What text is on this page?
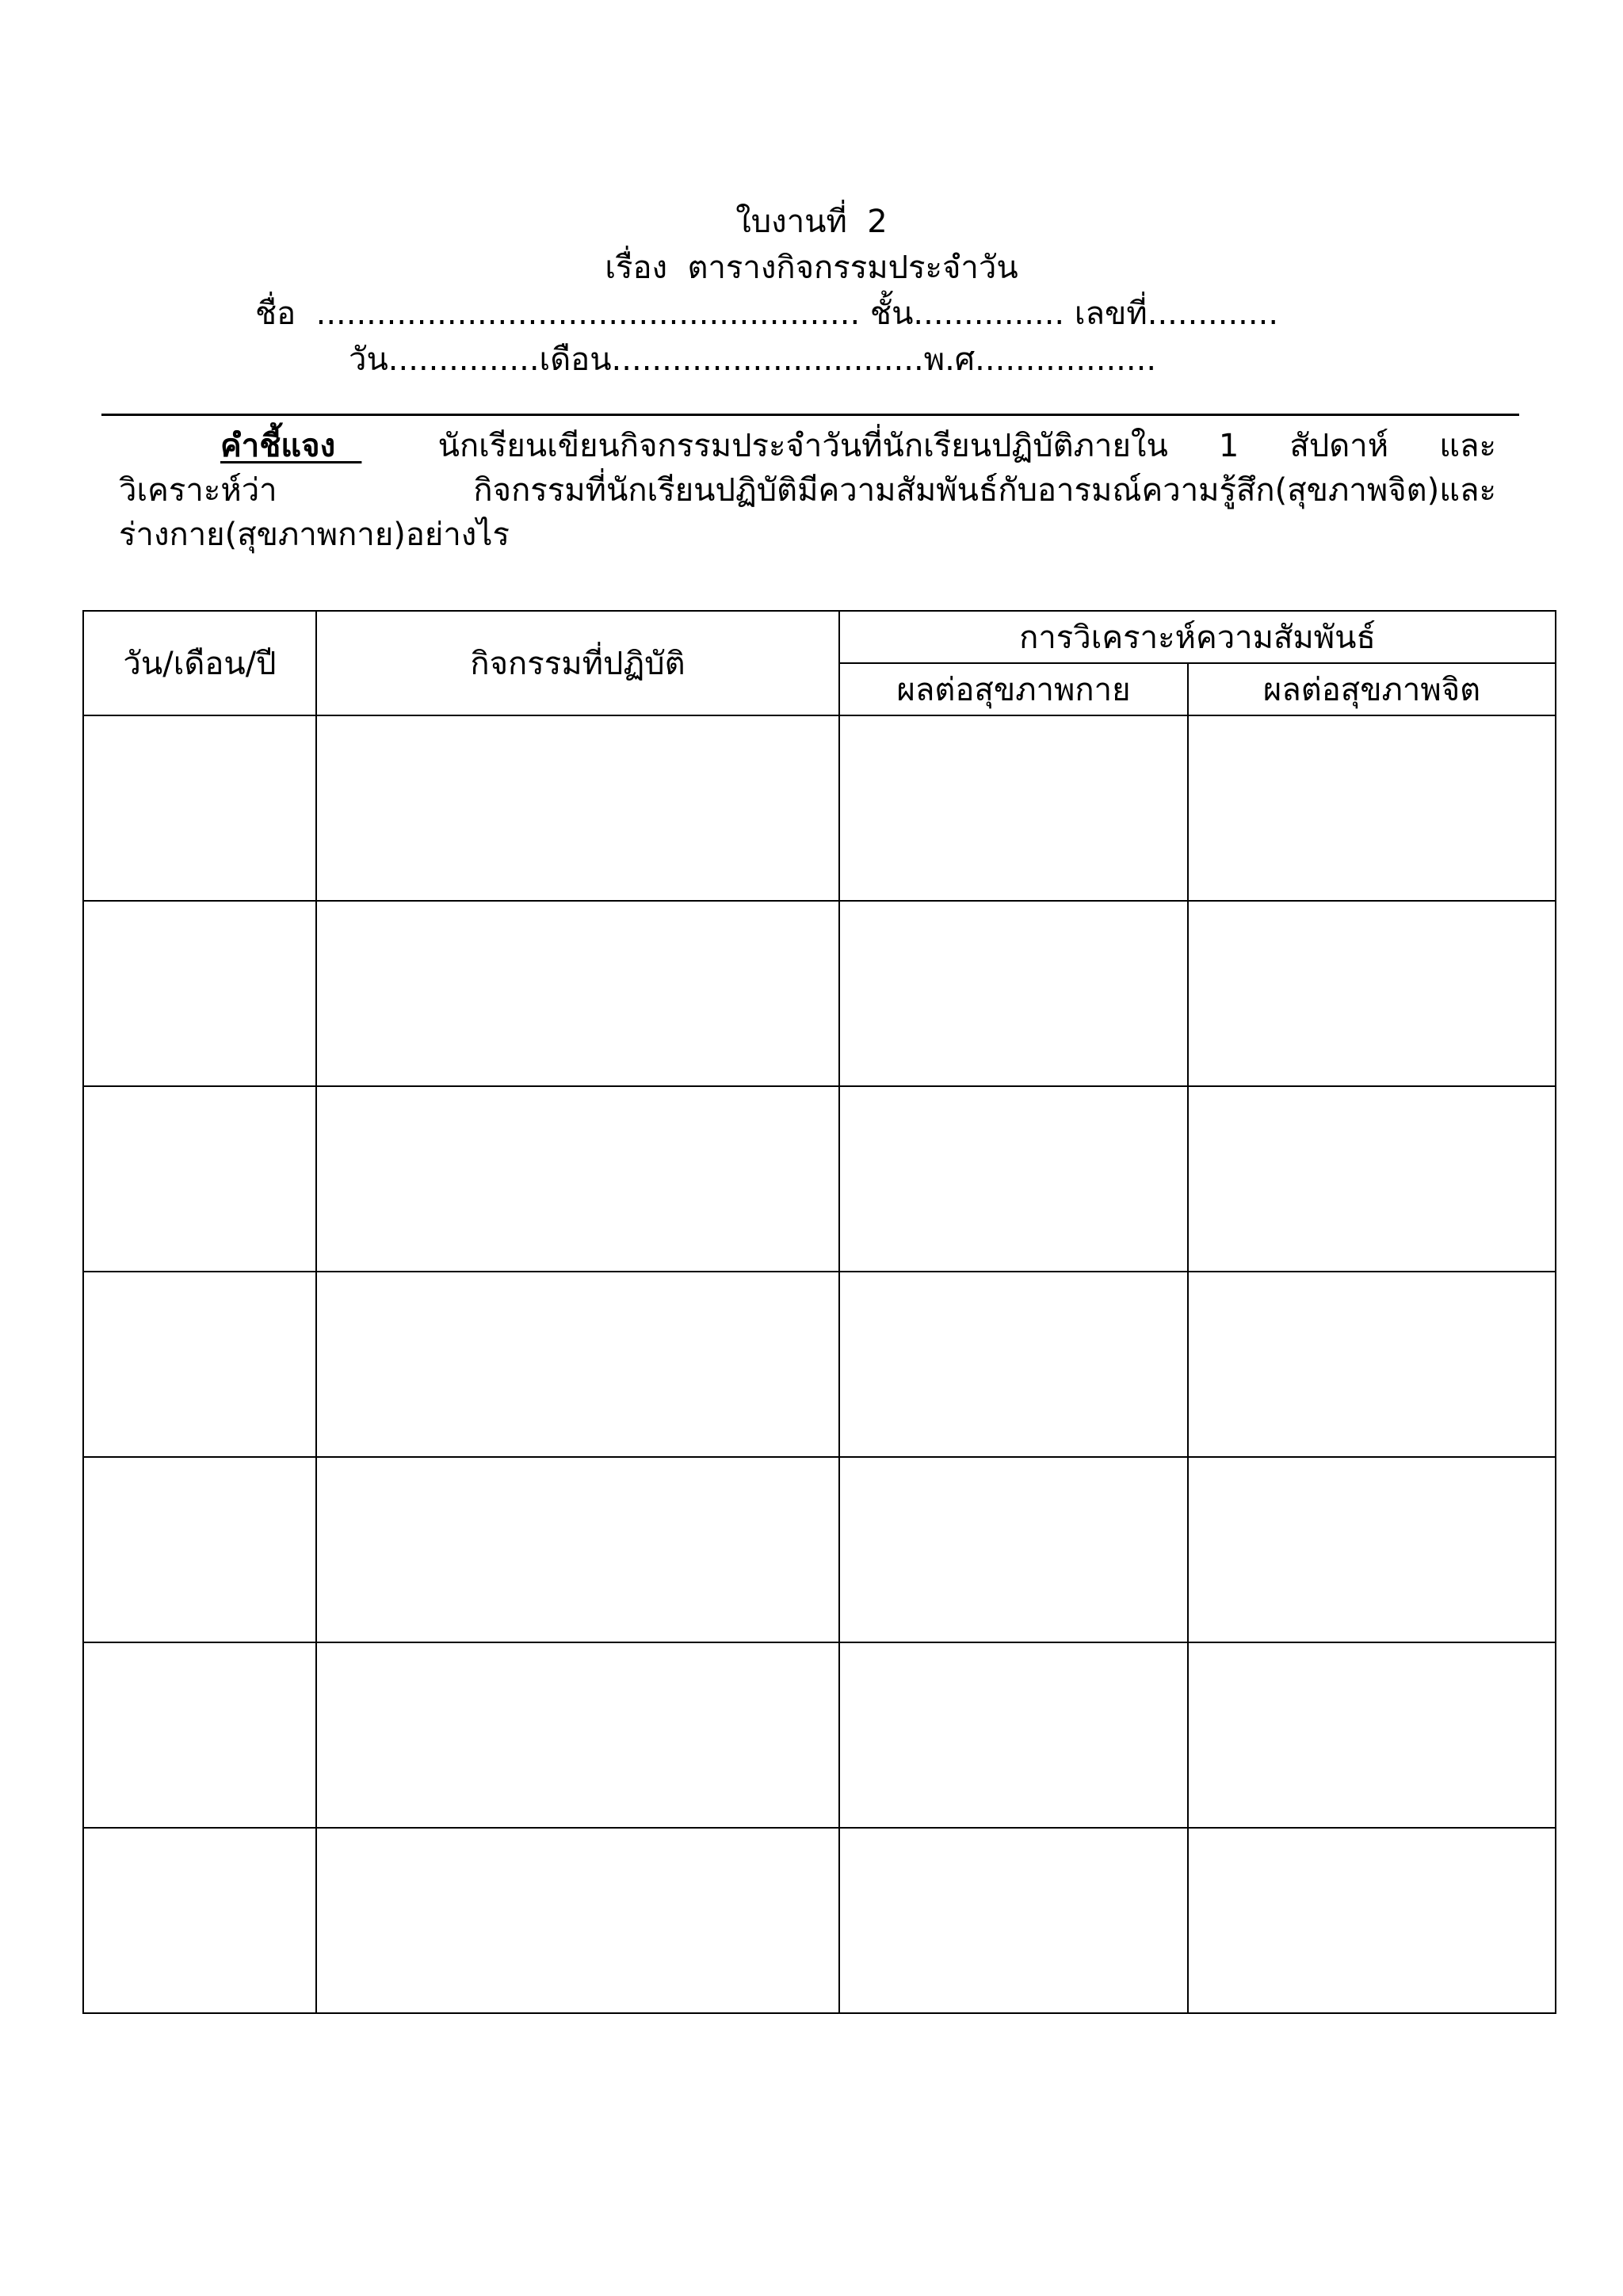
ใบงานที่  2
เรื่อง  ตารางกิจกรรมประจำวัน
ชื่อ  ...................................................... ชั้น............... เลขที่.............
วัน...............เดือน...............................พ.ศ..................
คำชี้แจง    นักเรียนเขียนกิจกรรมประจำวันที่นักเรียนปฏิบัติภายใน  1  สัปดาห์  และ
วิเคราะห์ว่า  กิจกรรมที่นักเรียนปฏิบัติมีความสัมพันธ์กับอารมณ์ความรู้สึก(สุขภาพจิต)และ
ร่างกาย(สุขภาพกาย)อย่างไร
วัน/เดือน/ปี	กิจกรรมที่ปฏิบัติ	การวิเคราะห์ความสัมพันธ์	
		ผลต่อสุขภาพกาย	ผลต่อสุขภาพจิต
